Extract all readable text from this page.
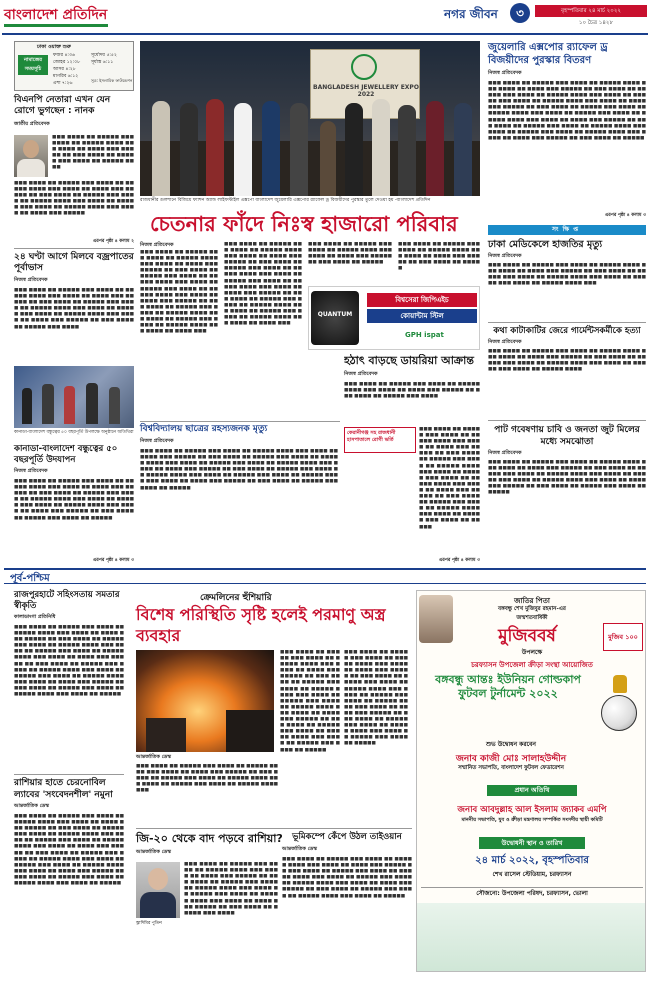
বাংলাদেশ প্রতিদিন	নগর জীবন	৩	বৃহস্পতিবার ২৪ মার্চ ২০২২
১০ চৈত্র ১৪২৮
ঢাকা ওয়াক্ত শুরু
নামাজের
সময়সূচি
ফজর ৪:৩৬
জোহর ১২:০৮
আসর ৪:২৮
মাগরিব ৬:১২
এশা ৭:২৬
সূর্যোদয় ৫:৫২
সূর্যাস্ত ৬:১১
সূত্র: ইসলামিক ফাউন্ডেশন
বিএনপি নেতারা এখন যেন রোগে ভুগছেন : নানক
জাতীয় প্রতিবেদক
■■■ ■■■■ ■■ ■■■■■ ■■■ ■■■■ ■■ ■■■■■ ■■■■ ■■■ ■■■■ ■■ ■■■■ ■■■ ■■■■■ ■■ ■■■ ■■■■ ■■ ■■■■■ ■■■ ■■■■ ■■ ■■■■■ ■■■■
■■■ ■■■■ ■■ ■■■■■ ■■■ ■■■■ ■■ ■■■■■ ■■■■ ■■■ ■■■■ ■■ ■■■■ ■■■ ■■■■■ ■■ ■■■ ■■■■ ■■ ■■■■■ ■■■ ■■■■ ■■ ■■■■■ ■■■■ ■■■ ■■■■ ■■ ■■■■■ ■■■ ■■■■ ■■ ■■■■■ ■■■■ ■■■ ■■■■ ■■ ■■■■ ■■■ ■■■■■
এরপর পৃষ্ঠা ৪ কলাম ২
২৪ ঘণ্টা আগে মিলবে বজ্রপাতের পূর্বাভাস
নিজস্ব প্রতিবেদক
■■■ ■■■■ ■■ ■■■■■ ■■■ ■■■■ ■■ ■■■■■ ■■■■ ■■■ ■■■■ ■■ ■■■■ ■■■ ■■■■■ ■■ ■■■ ■■■■ ■■ ■■■■■ ■■■ ■■■■ ■■ ■■■■■ ■■■■ ■■■ ■■■■ ■■ ■■■■■ ■■■ ■■■■ ■■ ■■■■■ ■■■■ ■■■ ■■■■ ■■ ■■■■ ■■■ ■■■■■ ■■ ■■■ ■■■■ ■■ ■■■■■ ■■■ ■■■■
কানাডা-বাংলাদেশ বন্ধুত্বের ৫০ বছরপূর্তি উপলক্ষে অনুষ্ঠানে অতিথিরা
কানাডা-বাংলাদেশ বন্ধুত্বের ৫০ বছরপূর্তি উদযাপন
নিজস্ব প্রতিবেদক
■■■ ■■■■ ■■ ■■■■■ ■■■ ■■■■ ■■ ■■■■■ ■■■■ ■■■ ■■■■ ■■ ■■■■ ■■■ ■■■■■ ■■ ■■■ ■■■■ ■■ ■■■■■ ■■■ ■■■■ ■■ ■■■■■ ■■■■ ■■■ ■■■■ ■■ ■■■■■ ■■■ ■■■■ ■■ ■■■■■ ■■■■ ■■■ ■■■■ ■■ ■■■■ ■■■ ■■■■■ ■■ ■■■ ■■■■ ■■ ■■■■■ ■■■ ■■■■ ■■ ■■■■■
এরপর পৃষ্ঠা ৪ কলাম ৩
BANGLADESH JEWELLERY EXPO 2022
রাজধানীর গুলশানে বিজিয়ে ফ্যাশন অ্যান্ড লাইফস্টাইল এক্সপো বাংলাদেশ জুয়েলারি এক্সপোর র‍্যাফেল ড্র বিজয়ীদের পুরস্কার তুলে দেওয়া হয় -বাংলাদেশ প্রতিদিন
চেতনার ফাঁদে নিঃস্ব হাজারো পরিবার
নিজস্ব প্রতিবেদক
■■■ ■■■■ ■■ ■■■■■ ■■■ ■■■■ ■■ ■■■■■ ■■■■ ■■■ ■■■■ ■■ ■■■■ ■■■ ■■■■■ ■■ ■■■ ■■■■ ■■ ■■■■■ ■■■ ■■■■ ■■ ■■■■■ ■■■■ ■■■ ■■■■ ■■ ■■■■■ ■■■ ■■■■ ■■ ■■■■■ ■■■■ ■■■ ■■■■ ■■ ■■■■ ■■■ ■■■■■ ■■ ■■■ ■■■■ ■■ ■■■■■ ■■■ ■■■■ ■■ ■■■■■ ■■■■ ■■■ ■■■■ ■■ ■■■■■ ■■■ ■■■■ ■■ ■■■■■ ■■■■ ■■■ ■■■■ ■■ ■■■■ ■■■
■■■ ■■■■ ■■ ■■■■■ ■■■ ■■■■ ■■ ■■■■■ ■■■■ ■■■ ■■■■ ■■ ■■■■ ■■■ ■■■■■ ■■ ■■■ ■■■■ ■■ ■■■■■ ■■■ ■■■■ ■■ ■■■■■ ■■■■ ■■■ ■■■■ ■■ ■■■■■ ■■■ ■■■■ ■■ ■■■■■ ■■■■ ■■■ ■■■■ ■■ ■■■■ ■■■ ■■■■■ ■■ ■■■ ■■■■ ■■ ■■■■■ ■■■ ■■■■ ■■ ■■■■■ ■■■■ ■■■ ■■■■ ■■ ■■■■■ ■■■ ■■■■ ■■ ■■■■■ ■■■■ ■■■ ■■■■ ■■ ■■■■ ■■■
■■■ ■■■■ ■■ ■■■■■ ■■■ ■■■■ ■■ ■■■■■ ■■■■ ■■■ ■■■■ ■■ ■■■■ ■■■ ■■■■■ ■■ ■■■ ■■■■ ■■ ■■■■■
■■■ ■■■■ ■■ ■■■■■ ■■■ ■■■■ ■■ ■■■■■ ■■■■ ■■■ ■■■■ ■■ ■■■■ ■■■ ■■■■■ ■■ ■■■ ■■■■ ■■ ■■■■■
QUANTUM
বিশ্বসেরা জিপিএইচ
কোয়ান্টাম স্টিল
GPH ispat
বিশ্ববিদ্যালয় ছাত্রের রহস্যজনক মৃত্যু
নিজস্ব প্রতিবেদক
■■■ ■■■■ ■■ ■■■■■ ■■■ ■■■■ ■■ ■■■■■ ■■■■ ■■■ ■■■■ ■■ ■■■■ ■■■ ■■■■■ ■■ ■■■ ■■■■ ■■ ■■■■■ ■■■ ■■■■ ■■ ■■■■■ ■■■■ ■■■ ■■■■ ■■ ■■■■■ ■■■ ■■■■ ■■ ■■■■■ ■■■■ ■■■ ■■■■ ■■ ■■■■ ■■■ ■■■■■ ■■ ■■■ ■■■■ ■■ ■■■■■ ■■■ ■■■■ ■■ ■■■■■ ■■■■ ■■■ ■■■■ ■■ ■■■■■ ■■■ ■■■■ ■■ ■■■■■ ■■■■ ■■■ ■■■■ ■■ ■■■■ ■■■ ■■■■■ ■■ ■■■ ■■■■ ■■ ■■■■■ ■■■ ■■■■ ■■ ■■■■■
হঠাৎ বাড়ছে ডায়রিয়া আক্রান্ত
নিজস্ব প্রতিবেদক
■■■ ■■■■ ■■ ■■■■■ ■■■ ■■■■ ■■ ■■■■■ ■■■■ ■■■ ■■■■ ■■ ■■■■ ■■■ ■■■■■ ■■ ■■■ ■■■■ ■■ ■■■■■ ■■■ ■■■■
কেরানীগঞ্জ সহ রাজধানী হাসপাতালে রোগী ভর্তি
■■■ ■■■■ ■■ ■■■■■ ■■■ ■■■■ ■■ ■■■■■ ■■■■ ■■■ ■■■■ ■■ ■■■■ ■■■ ■■■■■ ■■ ■■■ ■■■■ ■■ ■■■■■ ■■■ ■■■■ ■■ ■■■■■ ■■■■ ■■■ ■■■■ ■■ ■■■■■ ■■■ ■■■■ ■■ ■■■■■ ■■■■ ■■■ ■■■■ ■■ ■■■■ ■■■ ■■■■■ ■■ ■■■ ■■■■ ■■ ■■■■■ ■■■ ■■■■ ■■ ■■■■■ ■■■■ ■■■ ■■■■ ■■ ■■■■■ ■■■ ■■■■ ■■ ■■■■■
এরপর পৃষ্ঠা ৪ কলাম ৩
জুয়েলারি এক্সপোর র‍্যাফেল ড্র বিজয়ীদের পুরস্কার বিতরণ
নিজস্ব প্রতিবেদক
■■■ ■■■■ ■■ ■■■■■ ■■■ ■■■■ ■■ ■■■■■ ■■■■ ■■■ ■■■■ ■■ ■■■■ ■■■ ■■■■■ ■■ ■■■ ■■■■ ■■ ■■■■■ ■■■ ■■■■ ■■ ■■■■■ ■■■■ ■■■ ■■■■ ■■ ■■■■■ ■■■ ■■■■ ■■ ■■■■■ ■■■■ ■■■ ■■■■ ■■ ■■■■ ■■■ ■■■■■ ■■ ■■■ ■■■■ ■■ ■■■■■ ■■■ ■■■■ ■■ ■■■■■ ■■■■ ■■■ ■■■■ ■■ ■■■■■ ■■■ ■■■■ ■■ ■■■■■ ■■■■ ■■■ ■■■■ ■■ ■■■■ ■■■ ■■■■■ ■■ ■■■ ■■■■ ■■ ■■■■■ ■■■ ■■■■ ■■ ■■■■■ ■■■■ ■■■ ■■■■ ■■ ■■■■■ ■■■ ■■■■ ■■ ■■■■■ ■■■■ ■■■ ■■■■ ■■ ■■■■ ■■■ ■■■■■ ■■ ■■■ ■■■■ ■■ ■■■■■
এরপর পৃষ্ঠা ৪ কলাম ৩
সংক্ষিপ্ত
ঢাকা মেডিকেলে হাজতির মৃত্যু
নিজস্ব প্রতিবেদক
■■■ ■■■■ ■■ ■■■■■ ■■■ ■■■■ ■■ ■■■■■ ■■■■ ■■■ ■■■■ ■■ ■■■■ ■■■ ■■■■■ ■■ ■■■ ■■■■ ■■ ■■■■■ ■■■ ■■■■ ■■ ■■■■■ ■■■■ ■■■ ■■■■ ■■ ■■■■■ ■■■ ■■■■ ■■ ■■■■■ ■■■■ ■■■
কথা কাটাকাটির জেরে গার্মেন্টসকর্মীকে হত্যা
নিজস্ব প্রতিবেদক
■■■ ■■■■ ■■ ■■■■■ ■■■ ■■■■ ■■ ■■■■■ ■■■■ ■■■ ■■■■ ■■ ■■■■ ■■■ ■■■■■ ■■ ■■■ ■■■■ ■■ ■■■■■ ■■■ ■■■■ ■■ ■■■■■ ■■■■ ■■■ ■■■■ ■■ ■■■■■ ■■■ ■■■■ ■■ ■■■■■ ■■■■
পাট গবেষণায় চাবি ও জনতা জুট মিলের মধ্যে সমঝোতা
নিজস্ব প্রতিবেদক
■■■ ■■■■ ■■ ■■■■■ ■■■ ■■■■ ■■ ■■■■■ ■■■■ ■■■ ■■■■ ■■ ■■■■ ■■■ ■■■■■ ■■ ■■■ ■■■■ ■■ ■■■■■ ■■■ ■■■■ ■■ ■■■■■ ■■■■ ■■■ ■■■■ ■■ ■■■■■ ■■■ ■■■■ ■■ ■■■■■ ■■■■ ■■■ ■■■■ ■■ ■■■■ ■■■ ■■■■■ ■■ ■■■ ■■■■ ■■ ■■■■■ ■■■ ■■■■ ■■ ■■■■■
পূর্ব-পশ্চিম
রাজপুরহাটে সহিংসতায় সমতার স্বীকৃতি
কালাডাংগা প্রতিনিধি
■■■ ■■■■ ■■ ■■■■■ ■■■ ■■■■ ■■ ■■■■■ ■■■■ ■■■ ■■■■ ■■ ■■■■ ■■■ ■■■■■ ■■ ■■■ ■■■■ ■■ ■■■■■ ■■■ ■■■■ ■■ ■■■■■ ■■■■ ■■■ ■■■■ ■■ ■■■■■ ■■■ ■■■■ ■■ ■■■■■ ■■■■ ■■■ ■■■■ ■■ ■■■■ ■■■ ■■■■■ ■■ ■■■ ■■■■ ■■ ■■■■■ ■■■ ■■■■ ■■ ■■■■■ ■■■■ ■■■ ■■■■ ■■ ■■■■■ ■■■ ■■■■ ■■ ■■■■■ ■■■■ ■■■ ■■■■ ■■ ■■■■ ■■■ ■■■■■ ■■ ■■■ ■■■■ ■■ ■■■■■ ■■■ ■■■■ ■■ ■■■■■ ■■■■ ■■■ ■■■■ ■■ ■■■■■
রাশিয়ার হাতে চেরনোবিল ল্যাবের 'সংবেদনশীল' নমুনা
আন্তর্জাতিক ডেস্ক
■■■ ■■■■ ■■ ■■■■■ ■■■ ■■■■ ■■ ■■■■■ ■■■■ ■■■ ■■■■ ■■ ■■■■ ■■■ ■■■■■ ■■ ■■■ ■■■■ ■■ ■■■■■ ■■■ ■■■■ ■■ ■■■■■ ■■■■ ■■■ ■■■■ ■■ ■■■■■ ■■■ ■■■■ ■■ ■■■■■ ■■■■ ■■■ ■■■■ ■■ ■■■■ ■■■ ■■■■■ ■■ ■■■ ■■■■ ■■ ■■■■■ ■■■ ■■■■ ■■ ■■■■■ ■■■■ ■■■ ■■■■ ■■ ■■■■■ ■■■ ■■■■ ■■ ■■■■■ ■■■■ ■■■ ■■■■ ■■ ■■■■ ■■■ ■■■■■ ■■ ■■■ ■■■■ ■■ ■■■■■ ■■■ ■■■■ ■■ ■■■■■ ■■■■ ■■■ ■■■■ ■■ ■■■■■
ক্রেমলিনের হুঁশিয়ারি
বিশেষ পরিস্থিতি সৃষ্টি হলেই পরমাণু অস্ত্র ব্যবহার
আন্তর্জাতিক ডেস্ক
■■■ ■■■■ ■■ ■■■■■ ■■■ ■■■■ ■■ ■■■■■ ■■■■ ■■■ ■■■■ ■■ ■■■■ ■■■ ■■■■■ ■■ ■■■ ■■■■ ■■ ■■■■■ ■■■ ■■■■ ■■ ■■■■■ ■■■■ ■■■ ■■■■ ■■ ■■■■■ ■■■ ■■■■ ■■ ■■■■■ ■■■■ ■■■
■■■ ■■■■ ■■ ■■■■■ ■■■ ■■■■ ■■ ■■■■■ ■■■■ ■■■ ■■■■ ■■ ■■■■ ■■■ ■■■■■ ■■ ■■■ ■■■■ ■■ ■■■■■ ■■■ ■■■■ ■■ ■■■■■ ■■■■ ■■■ ■■■■ ■■ ■■■■■ ■■■ ■■■■ ■■ ■■■■■ ■■■■ ■■■ ■■■■ ■■ ■■■■ ■■■ ■■■■■ ■■ ■■■ ■■■■ ■■ ■■■■■ ■■■ ■■■■ ■■ ■■■■■ ■■■■ ■■■ ■■■■ ■■ ■■■■■ ■■■ ■■■■ ■■ ■■■■■
■■■ ■■■■ ■■ ■■■■■ ■■■ ■■■■ ■■ ■■■■■ ■■■■ ■■■ ■■■■ ■■ ■■■■ ■■■ ■■■■■ ■■ ■■■ ■■■■ ■■ ■■■■■ ■■■ ■■■■ ■■ ■■■■■ ■■■■ ■■■ ■■■■ ■■ ■■■■■ ■■■ ■■■■ ■■ ■■■■■ ■■■■ ■■■ ■■■■ ■■ ■■■■ ■■■ ■■■■■ ■■ ■■■ ■■■■ ■■ ■■■■■ ■■■ ■■■■ ■■ ■■■■■ ■■■■ ■■■ ■■■■ ■■ ■■■■■ ■■■ ■■■■ ■■ ■■■■■
জি-২০ থেকে বাদ পড়বে রাশিয়া?
আন্তর্জাতিক ডেস্ক
ভ্লাদিমির পুতিন
■■■ ■■■■ ■■ ■■■■■ ■■■ ■■■■ ■■ ■■■■■ ■■■■ ■■■ ■■■■ ■■ ■■■■ ■■■ ■■■■■ ■■ ■■■ ■■■■ ■■ ■■■■■ ■■■ ■■■■ ■■ ■■■■■ ■■■■ ■■■ ■■■■ ■■ ■■■■■ ■■■ ■■■■ ■■ ■■■■■ ■■■■ ■■■ ■■■■ ■■ ■■■■ ■■■ ■■■■■ ■■ ■■■ ■■■■ ■■ ■■■■■ ■■■ ■■■■
ভূমিকম্পে কেঁপে উঠল তাইওয়ান
আন্তর্জাতিক ডেস্ক
■■■ ■■■■ ■■ ■■■■■ ■■■ ■■■■ ■■ ■■■■■ ■■■■ ■■■ ■■■■ ■■ ■■■■ ■■■ ■■■■■ ■■ ■■■ ■■■■ ■■ ■■■■■ ■■■ ■■■■ ■■ ■■■■■ ■■■■ ■■■ ■■■■ ■■ ■■■■■ ■■■ ■■■■ ■■ ■■■■■ ■■■■ ■■■ ■■■■ ■■ ■■■■ ■■■ ■■■■■ ■■ ■■■ ■■■■ ■■ ■■■■■ ■■■ ■■■■ ■■ ■■■■■ ■■■■ ■■■ ■■■■ ■■ ■■■■■
জাতির পিতা
বঙ্গবন্ধু শেখ মুজিবুর রহমান-এর
জন্মশতবার্ষিকী
মুজিববর্ষ
উপলক্ষে
মুজিব ১০০
চরফ্যাসন উপজেলা ক্রীড়া সংস্থা আয়োজিত
বঙ্গবন্ধু আন্তঃ ইউনিয়ন গোল্ডকাপ ফুটবল টুর্নামেন্ট ২০২২
শুভ উদ্বোধন করবেন
জনাব কাজী মোঃ সালাহউদ্দীন
সম্মানিত সভাপতি, বাংলাদেশ ফুটবল ফেডারেশন
প্রধান অতিথি
জনাব আবদুল্লাহ আল ইসলাম জ্যাকব এমপি
মাননীয় সভাপতি, যুব ও ক্রীড়া মন্ত্রণালয় সম্পর্কিত সংসদীয় স্থায়ী কমিটি
উদ্বোধনী স্থান ও তারিখ
২৪ মার্চ ২০২২, বৃহস্পতিবার
শেখ রাসেল স্টেডিয়াম, চরফ্যাসন
সৌজন্যে: উপজেলা পরিষদ, চরফ্যাসন, ভোলা
